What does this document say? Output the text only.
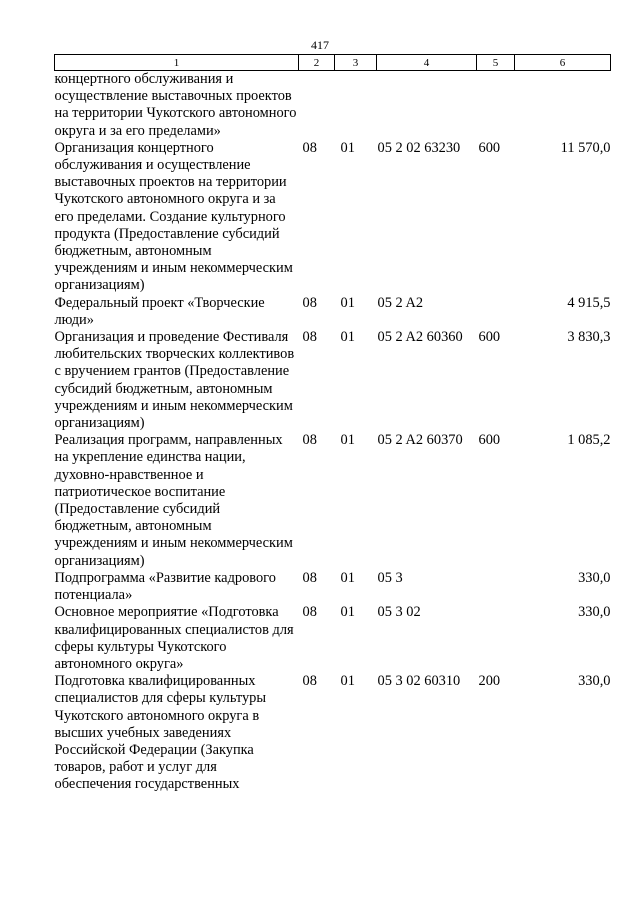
417
1	2	3	4	5	6
концертного обслуживания и осуществление выставочных проектов на территории Чукотского автономного округа и за его пределами»					
Организация концертного обслуживания и осуществление выставочных проектов на территории Чукотского автономного округа и за его пределами. Создание культурного продукта (Предоставление субсидий бюджетным, автономным учреждениям и иным некоммерческим организациям)	08	01	05 2 02 63230	600	11 570,0
Федеральный проект «Творческие люди»	08	01	05 2 A2		4 915,5
Организация и проведение Фестиваля любительских творческих коллективов с вручением грантов (Предоставление субсидий бюджетным, автономным учреждениям и иным некоммерческим организациям)	08	01	05 2 A2 60360	600	3 830,3
Реализация программ, направленных на укрепление единства нации, духовно-нравственное и патриотическое воспитание (Предоставление субсидий бюджетным, автономным учреждениям и иным некоммерческим организациям)	08	01	05 2 A2 60370	600	1 085,2
Подпрограмма «Развитие кадрового потенциала»	08	01	05 3		330,0
Основное мероприятие «Подготовка квалифицированных специалистов для сферы культуры Чукотского автономного округа»	08	01	05 3 02		330,0
Подготовка квалифицированных специалистов для сферы культуры Чукотского автономного округа в высших учебных заведениях Российской Федерации (Закупка товаров, работ и услуг для обеспечения государственных	08	01	05 3 02 60310	200	330,0
